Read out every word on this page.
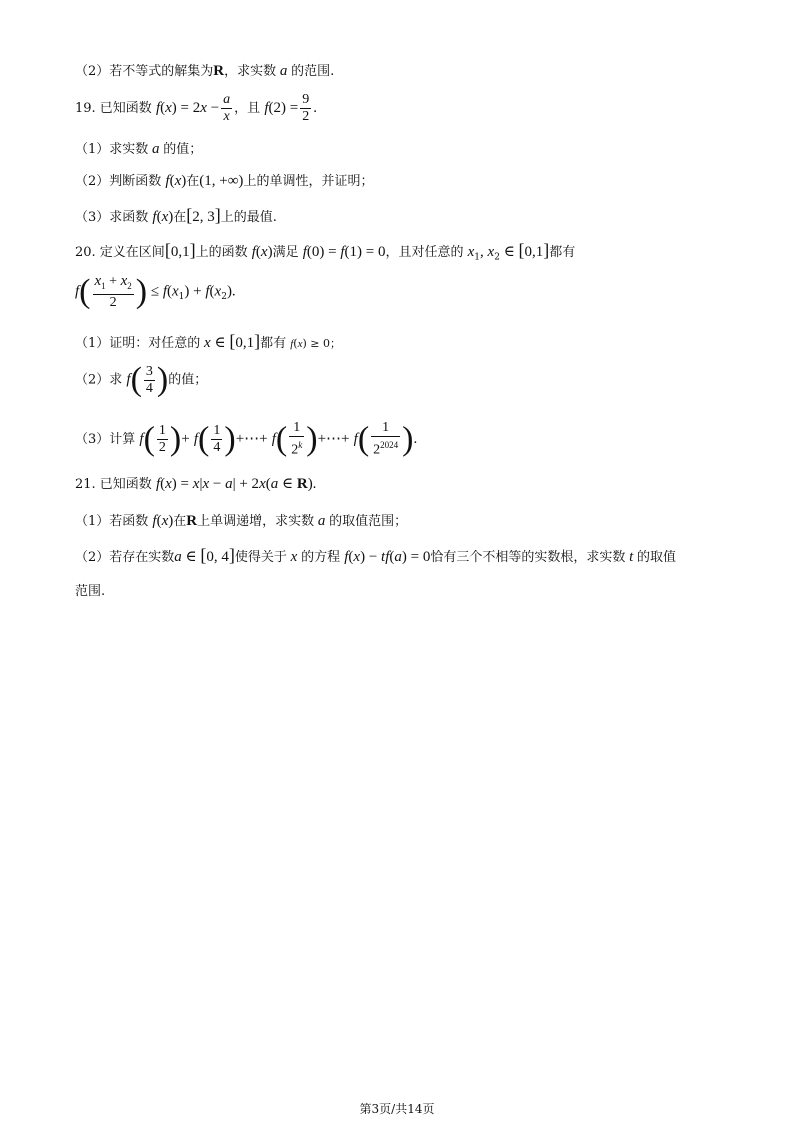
（2）若不等式的解集为R，求实数 a 的范围.
19. 已知函数 $f(x) = 2x - \frac{a}{x}$ ，且 $f(2) = \frac{9}{2}$ .
（1）求实数 a 的值；
（2）判断函数 f(x)在(1, +∞)上的单调性，并证明；
（3）求函数 f(x)在[2, 3]上的最值.
20. 定义在区间[0,1]上的函数 f(x)满足 f(0) = f(1) = 0，且对任意的 $x_1$, $x_2$ ∈ [0,1]都有
$f( \frac{x_1 + x_2}{2}$ ) ≤ $f(x_1) + f(x_2)$.
（1）证明：对任意的 x ∈ [0,1]都有 f(x) ≥ 0；
（2）求 $f( \frac{3}{4}$ )的值；
（3）计算 $f( \frac{1}{2}$ )+ $f( \frac{1}{4}$ )+⋯+ $f( \frac{1}{2^k}$ )+⋯+ $f( \frac{1}{2^{2024}}$ ).
21. 已知函数 f(x) = x|x − a| + 2x(a ∈ R).
（1）若函数 f(x)在R上单调递增，求实数 a 的取值范围；
（2）若存在实数a ∈ [0, 4]使得关于 x 的方程 f(x) − tf(a) = 0恰有三个不相等的实数根，求实数 t 的取值
范围.
第3页/共14页
